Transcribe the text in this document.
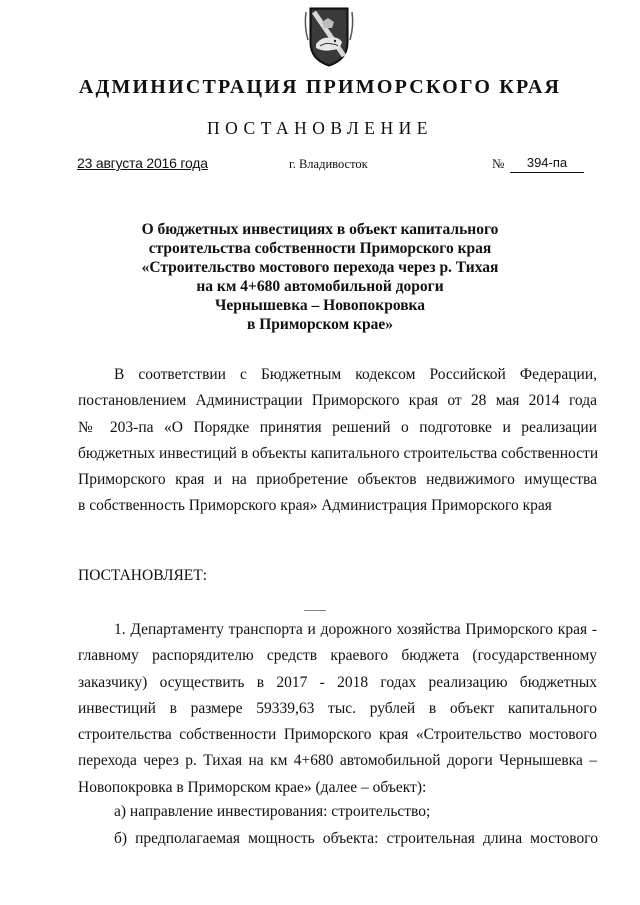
АДМИНИСТРАЦИЯ ПРИМОРСКОГО КРАЯ
ПОСТАНОВЛЕНИЕ
23 августа 2016 года	г. Владивосток	№	394-па
О бюджетных инвестициях в объект капитального
строительства собственности Приморского края
«Строительство мостового перехода через р. Тихая
на км 4+680 автомобильной дороги
Чернышевка – Новопокровка
в Приморском крае»
В соответствии с Бюджетным кодексом Российской Федерации,
постановлением Администрации Приморского края от 28 мая 2014 года
№ 203-па «О Порядке принятия решений о подготовке и реализации
бюджетных инвестиций в объекты капитального строительства собственности
Приморского края и на приобретение объектов недвижимого имущества
в собственность Приморского края» Администрация Приморского края
ПОСТАНОВЛЯЕТ:
1. Департаменту транспорта и дорожного хозяйства Приморского края -
главному распорядителю средств краевого бюджета (государственному
заказчику) осуществить в 2017 - 2018 годах реализацию бюджетных
инвестиций в размере 59339,63 тыс. рублей в объект капитального
строительства собственности Приморского края «Строительство мостового
перехода через р. Тихая на км 4+680 автомобильной дороги Чернышевка –
Новопокровка в Приморском крае» (далее – объект):
а) направление инвестирования: строительство;
б) предполагаемая мощность объекта: строительная длина мостового
